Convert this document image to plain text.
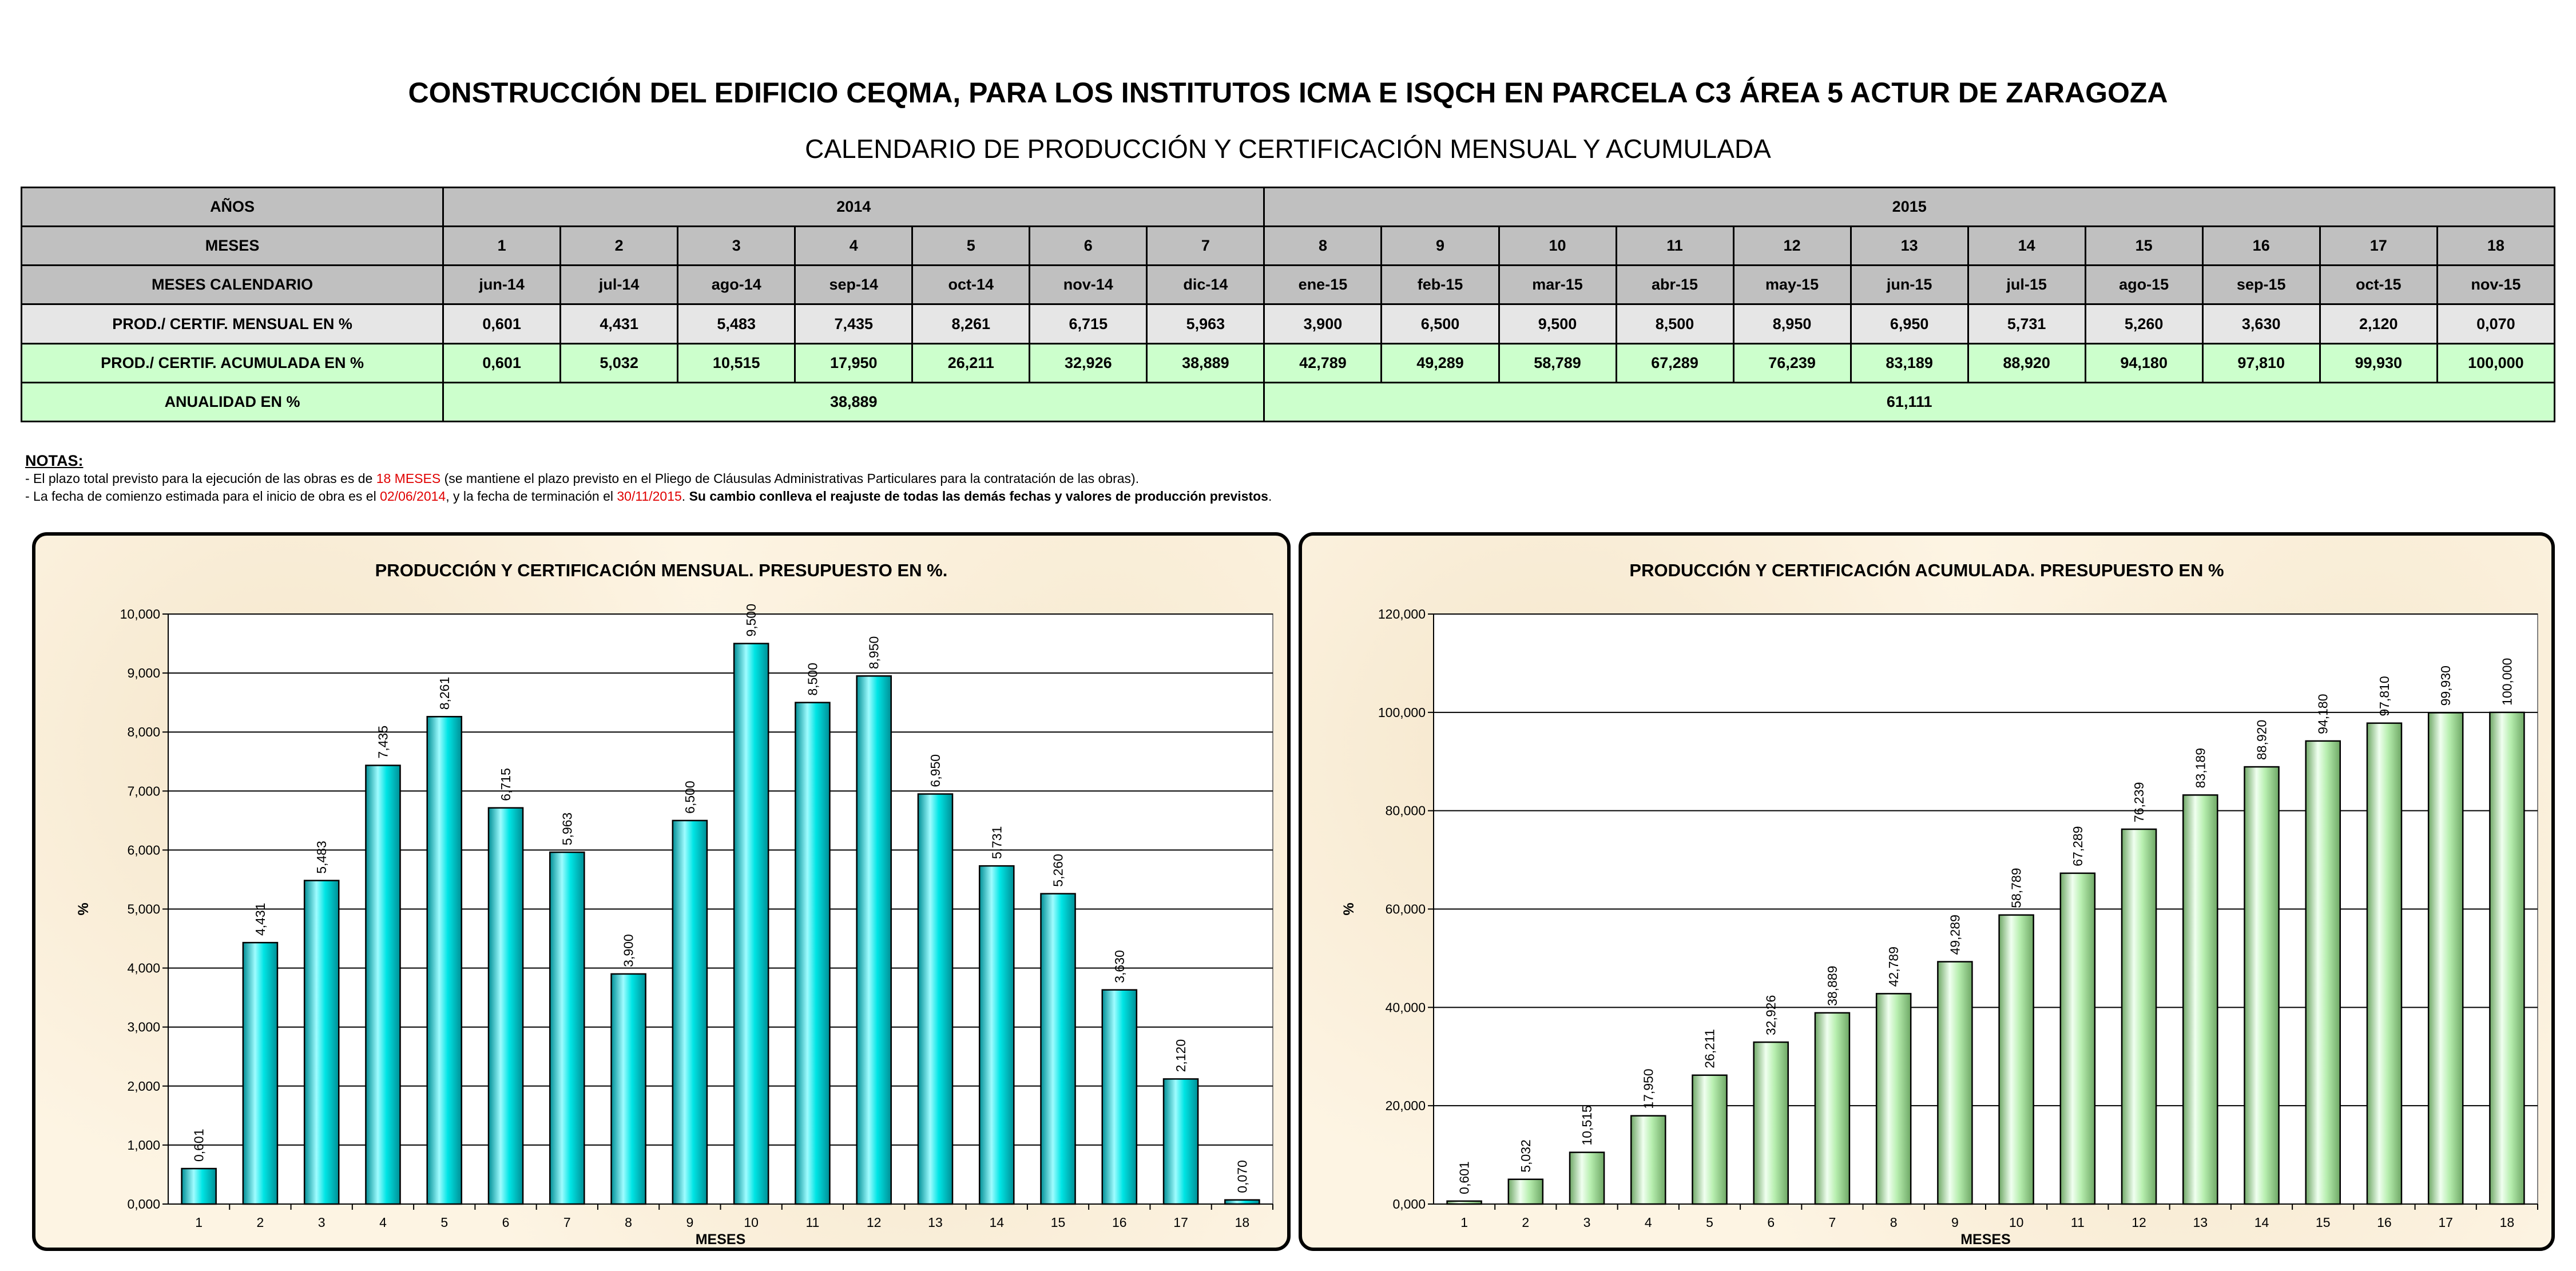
CONSTRUCCIÓN DEL EDIFICIO CEQMA, PARA LOS INSTITUTOS ICMA E ISQCH EN PARCELA C3 ÁREA 5 ACTUR DE ZARAGOZA
CALENDARIO DE PRODUCCIÓN Y CERTIFICACIÓN MENSUAL Y ACUMULADA
AÑOS	2014							2015										
MESES	1	2	3	4	5	6	7	8	9	10	11	12	13	14	15	16	17	18
MESES CALENDARIO	jun-14	jul-14	ago-14	sep-14	oct-14	nov-14	dic-14	ene-15	feb-15	mar-15	abr-15	may-15	jun-15	jul-15	ago-15	sep-15	oct-15	nov-15
PROD./ CERTIF. MENSUAL EN %	0,601	4,431	5,483	7,435	8,261	6,715	5,963	3,900	6,500	9,500	8,500	8,950	6,950	5,731	5,260	3,630	2,120	0,070
PROD./ CERTIF. ACUMULADA EN %	0,601	5,032	10,515	17,950	26,211	32,926	38,889	42,789	49,289	58,789	67,289	76,239	83,189	88,920	94,180	97,810	99,930	100,000
ANUALIDAD EN %	38,889							61,111										
NOTAS:
- El plazo total previsto para la ejecución de las obras es de 18 MESES (se mantiene el plazo previsto en el Pliego de Cláusulas Administrativas Particulares para la contratación de las obras).
- La fecha de comienzo estimada para el inicio de obra es el 02/06/2014, y la fecha de terminación el 30/11/2015. Su cambio conlleva el reajuste de todas las demás fechas y valores de producción previstos.
PRODUCCIÓN Y CERTIFICACIÓN MENSUAL. PRESUPUESTO EN %.
0,000
1,000
2,000
3,000
4,000
5,000
6,000
7,000
8,000
9,000
10,000
1
0,601
2
4,431
3
5,483
4
7,435
5
8,261
6
6,715
7
5,963
8
3,900
9
6,500
10
9,500
11
8,500
12
8,950
13
6,950
14
5,731
15
5,260
16
3,630
17
2,120
18
0,070
MESES
%
PRODUCCIÓN Y CERTIFICACIÓN ACUMULADA. PRESUPUESTO EN %
0,000
20,000
40,000
60,000
80,000
100,000
120,000
1
0,601
2
5,032
3
10,515
4
17,950
5
26,211
6
32,926
7
38,889
8
42,789
9
49,289
10
58,789
11
67,289
12
76,239
13
83,189
14
88,920
15
94,180
16
97,810
17
99,930
18
100,000
MESES
%
